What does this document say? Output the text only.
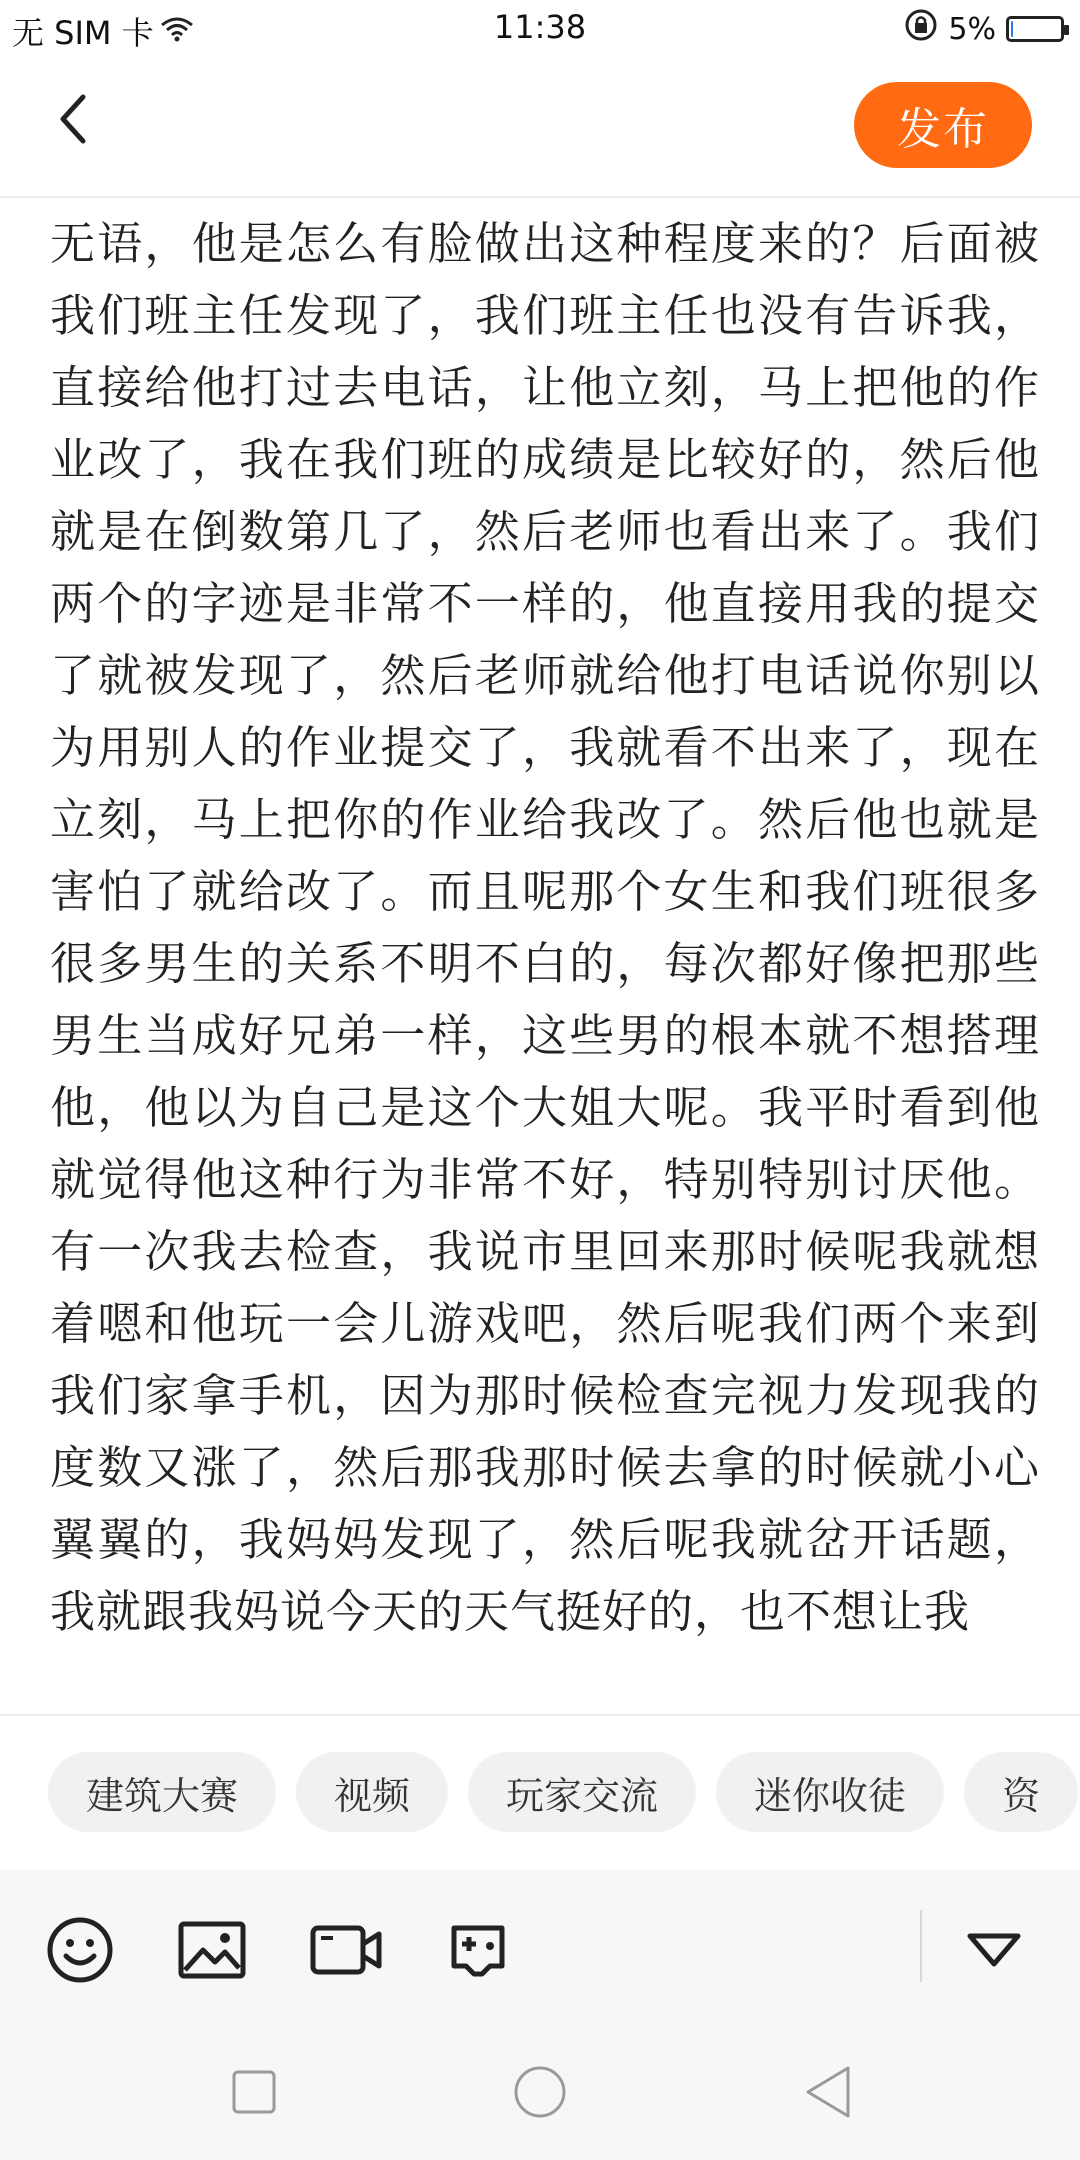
无 SIM 卡	11:38	5%
发布
无语，他是怎么有脸做出这种程度来的？后面被我们班主任发现了，我们班主任也没有告诉我，直接给他打过去电话，让他立刻，马上把他的作业改了，我在我们班的成绩是比较好的，然后他就是在倒数第几了，然后老师也看出来了。我们两个的字迹是非常不一样的，他直接用我的提交了就被发现了，然后老师就给他打电话说你别以为用别人的作业提交了，我就看不出来了，现在立刻，马上把你的作业给我改了。然后他也就是害怕了就给改了。而且呢那个女生和我们班很多很多男生的关系不明不白的，每次都好像把那些男生当成好兄弟一样，这些男的根本就不想搭理他，他以为自己是这个大姐大呢。我平时看到他就觉得他这种行为非常不好，特别特别讨厌他。有一次我去检查，我说市里回来那时候呢我就想着嗯和他玩一会儿游戏吧，然后呢我们两个来到我们家拿手机，因为那时候检查完视力发现我的度数又涨了，然后那我那时候去拿的时候就小心翼翼的，我妈妈发现了，然后呢我就岔开话题，我就跟我妈说今天的天气挺好的，也不想让我
建筑大赛	视频	玩家交流	迷你收徒	资
